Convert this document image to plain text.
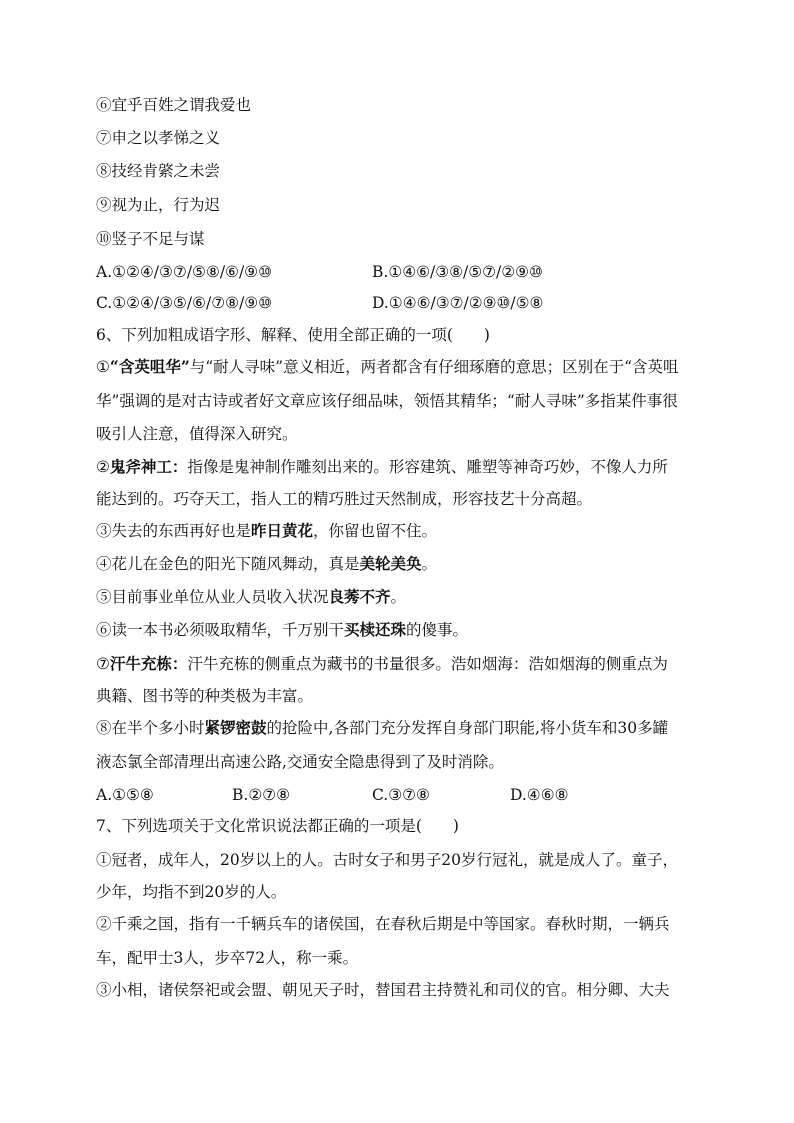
⑥宜乎百姓之谓我爱也
⑦申之以孝悌之义
⑧技经肯綮之未尝
⑨视为止，行为迟
⑩竖子不足与谋
A.①②④/③⑦/⑤⑧/⑥/⑨⑩	B.①④⑥/③⑧/⑤⑦/②⑨⑩
C.①②④/③⑤/⑥/⑦⑧/⑨⑩	D.①④⑥/③⑦/②⑨⑩/⑤⑧
6、下列加粗成语字形、解释、使用全部正确的一项(　　)
①“含英咀华”与“耐人寻味”意义相近，两者都含有仔细琢磨的意思；区别在于“含英咀
华”强调的是对古诗或者好文章应该仔细品味，领悟其精华；“耐人寻味”多指某件事很
吸引人注意，值得深入研究。
②鬼斧神工：指像是鬼神制作雕刻出来的。形容建筑、雕塑等神奇巧妙，不像人力所
能达到的。巧夺天工，指人工的精巧胜过天然制成，形容技艺十分高超。
③失去的东西再好也是昨日黄花，你留也留不住。
④花儿在金色的阳光下随风舞动，真是美轮美奂。
⑤目前事业单位从业人员收入状况良莠不齐。
⑥读一本书必须吸取精华，千万别干买椟还珠的傻事。
⑦汗牛充栋：汗牛充栋的侧重点为藏书的书量很多。浩如烟海：浩如烟海的侧重点为
典籍、图书等的种类极为丰富。
⑧在半个多小时紧锣密鼓的抢险中,各部门充分发挥自身部门职能,将小货车和30多罐
液态氯全部清理出高速公路,交通安全隐患得到了及时消除。
A.①⑤⑧	B.②⑦⑧	C.③⑦⑧	D.④⑥⑧
7、下列选项关于文化常识说法都正确的一项是(　　)
①冠者，成年人，20岁以上的人。古时女子和男子20岁行冠礼，就是成人了。童子，
少年，均指不到20岁的人。
②千乘之国，指有一千辆兵车的诸侯国，在春秋后期是中等国家。春秋时期，一辆兵
车，配甲士3人，步卒72人，称一乘。
③小相，诸侯祭祀或会盟、朝见天子时，替国君主持赞礼和司仪的官。相分卿、大夫
